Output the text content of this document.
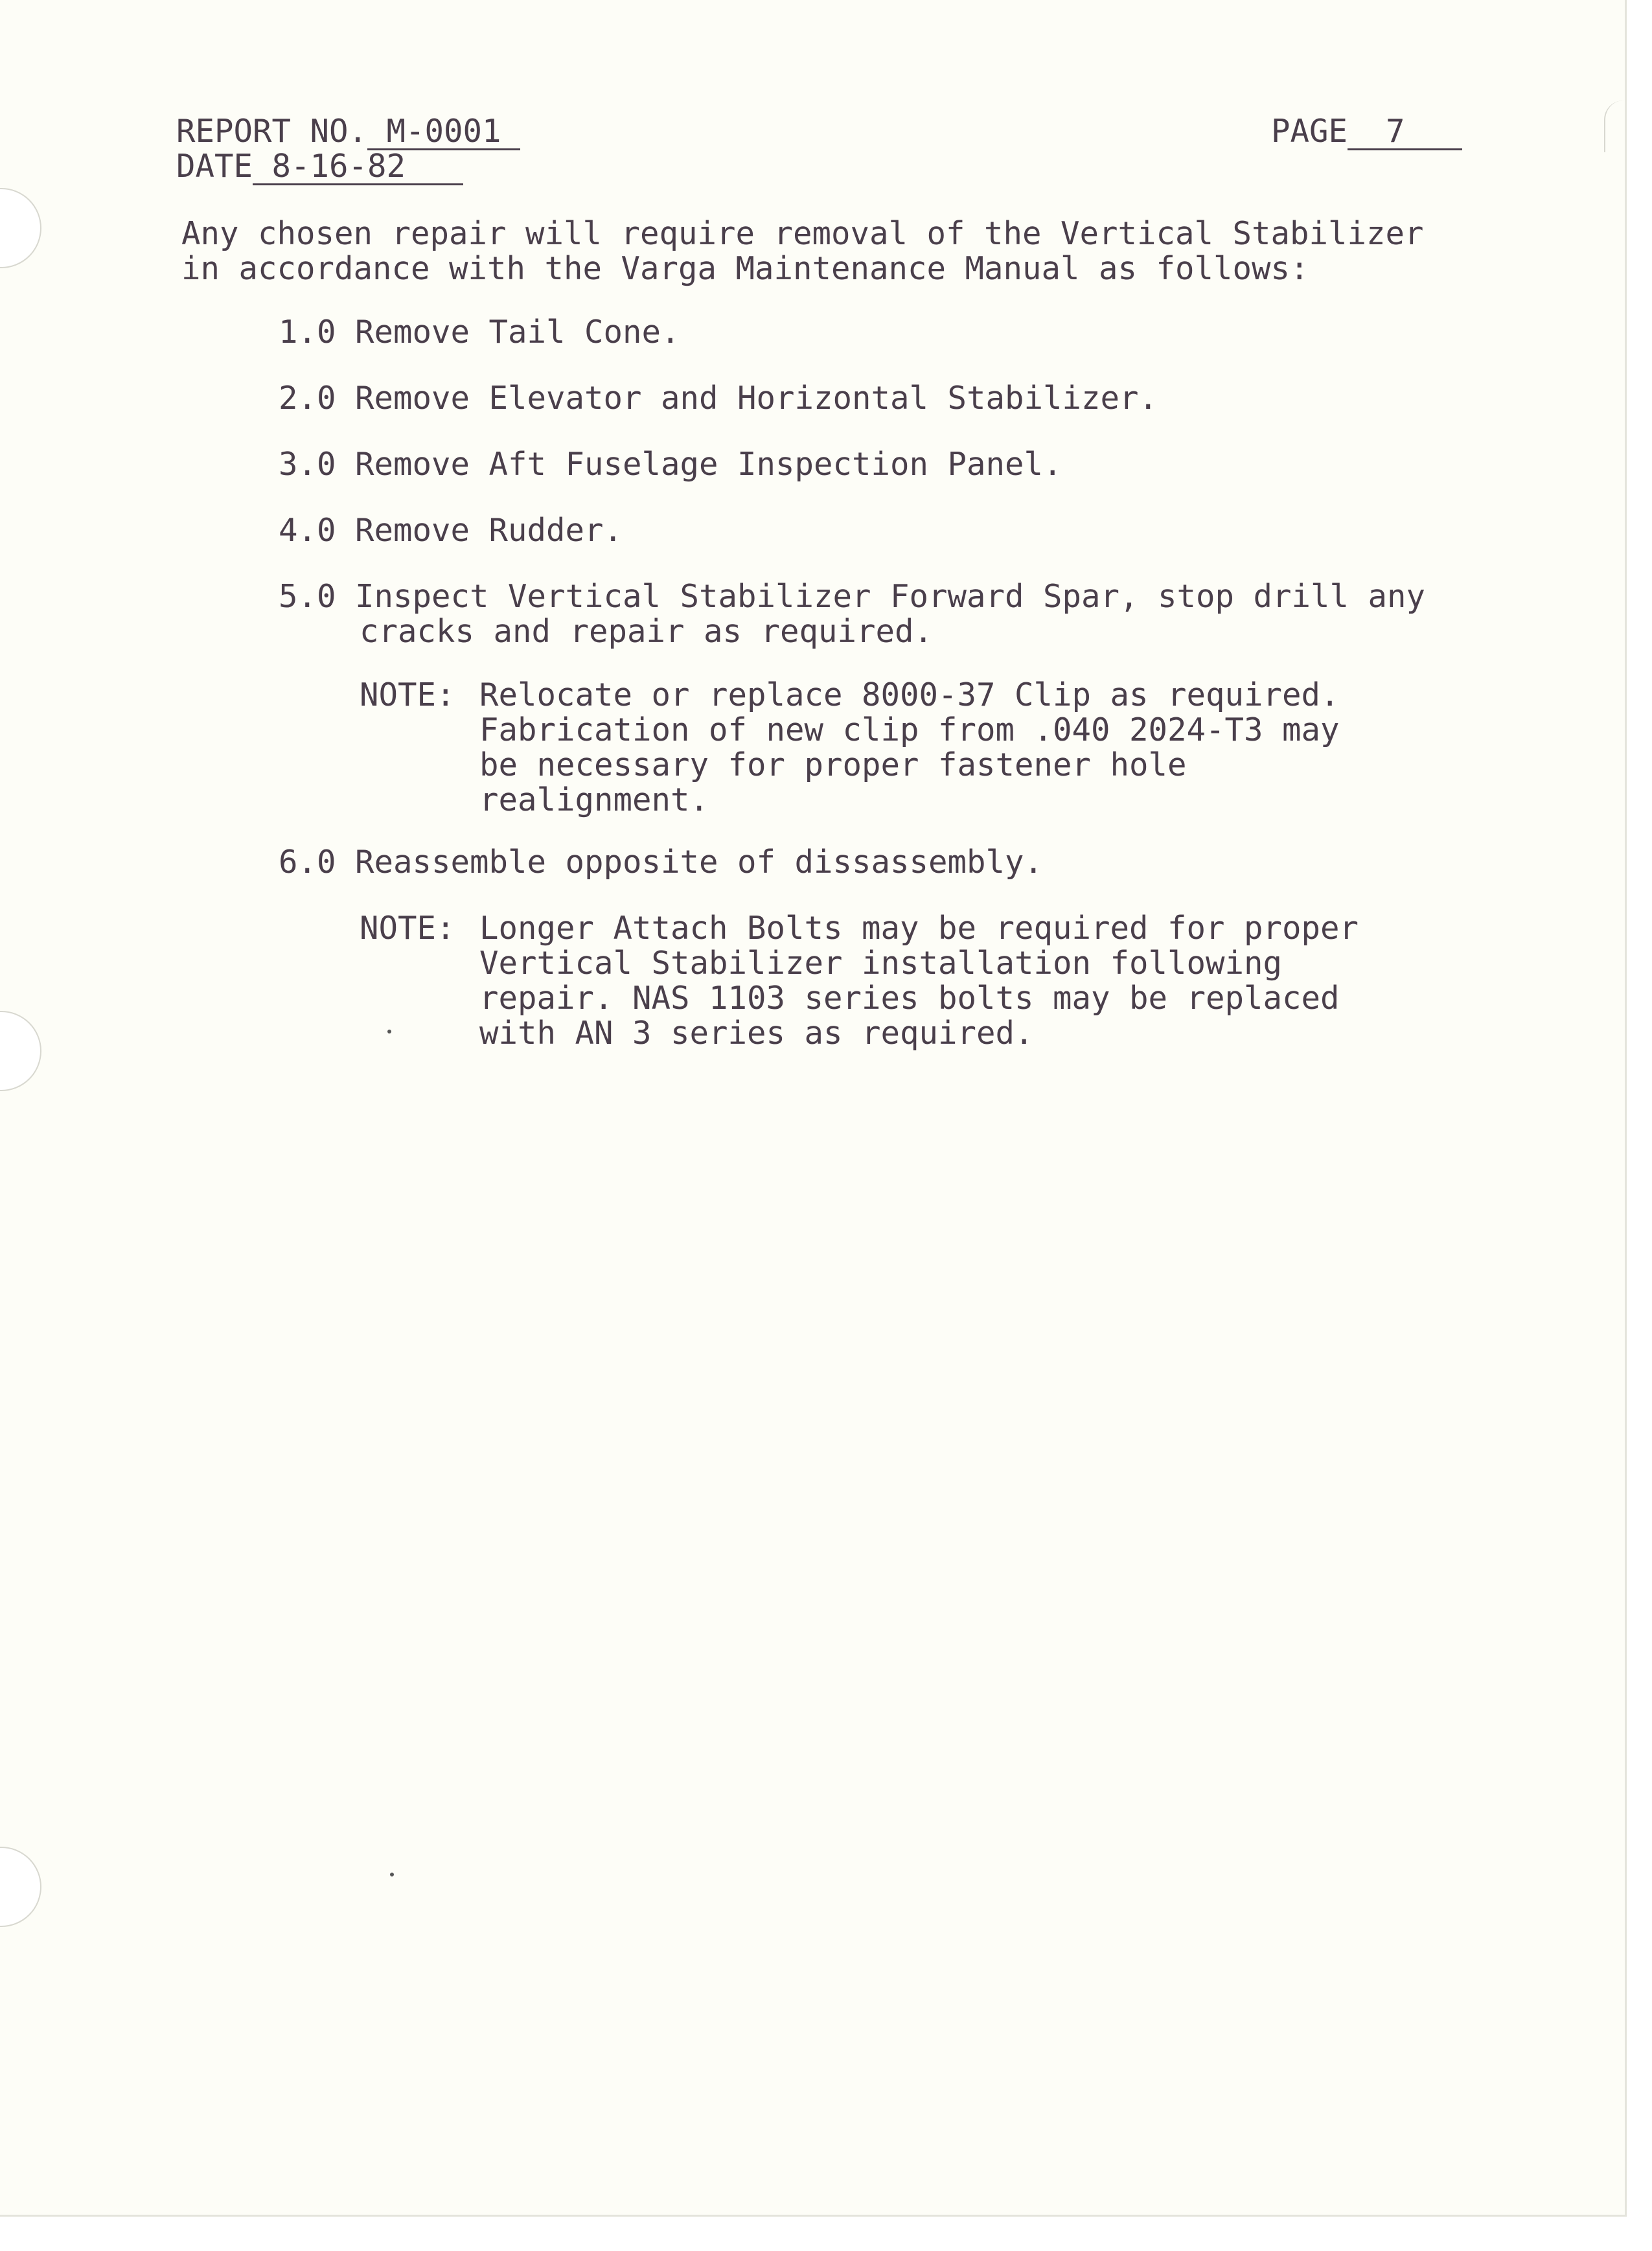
REPORT NO. M-0001	PAGE  7
DATE 8-16-82
Any chosen repair will require removal of the Vertical Stabilizer
in accordance with the Varga Maintenance Manual as follows:
1.0 Remove Tail Cone.
2.0 Remove Elevator and Horizontal Stabilizer.
3.0 Remove Aft Fuselage Inspection Panel.
4.0 Remove Rudder.
5.0 Inspect Vertical Stabilizer Forward Spar, stop drill any
cracks and repair as required.
NOTE: Relocate or replace 8000-37 Clip as required.
Fabrication of new clip from .040 2024-T3 may
be necessary for proper fastener hole
realignment.
6.0 Reassemble opposite of dissassembly.
NOTE: Longer Attach Bolts may be required for proper
Vertical Stabilizer installation following
repair. NAS 1103 series bolts may be replaced
with AN 3 series as required.
